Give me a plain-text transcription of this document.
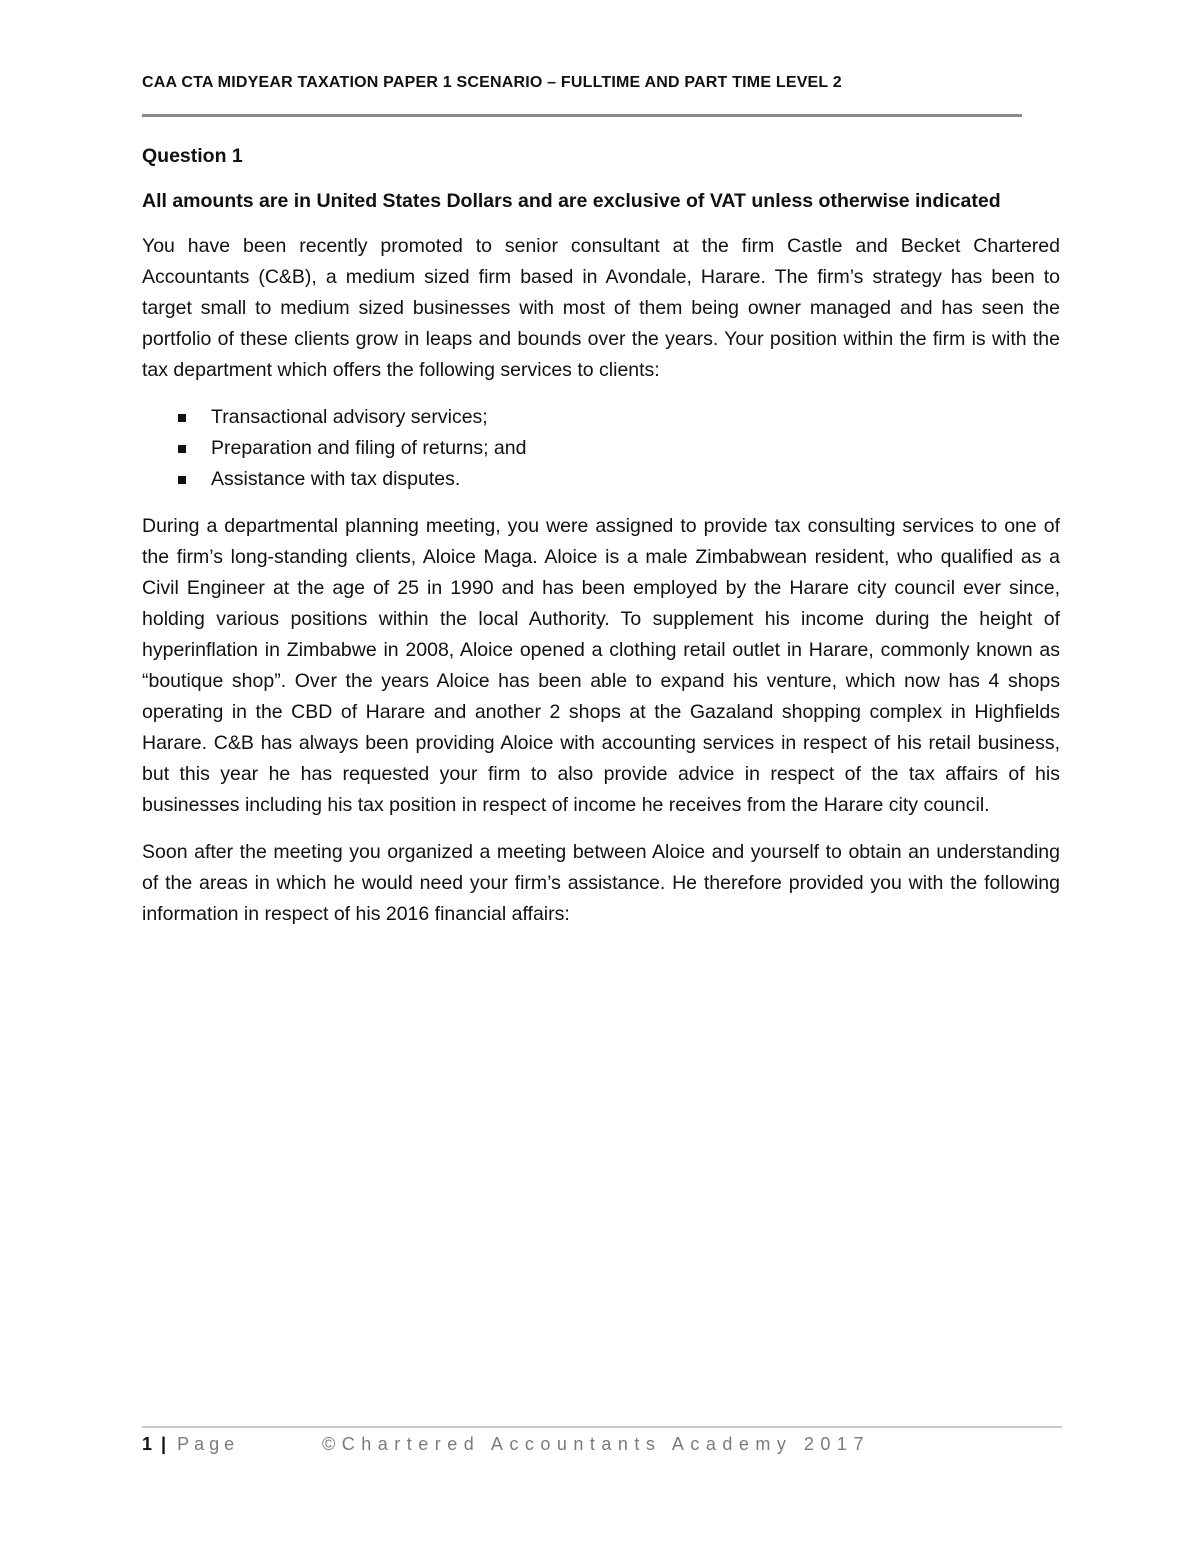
CAA CTA MIDYEAR TAXATION PAPER 1 SCENARIO – FULLTIME AND PART TIME LEVEL 2
Question 1

All amounts are in United States Dollars and are exclusive of VAT unless otherwise indicated

You have been recently promoted to senior consultant at the firm Castle and Becket Chartered Accountants (C&B), a medium sized firm based in Avondale, Harare. The firm’s strategy has been to target small to medium sized businesses with most of them being owner managed and has seen the portfolio of these clients grow in leaps and bounds over the years. Your position within the firm is with the tax department which offers the following services to clients:

Transactional advisory services;
Preparation and filing of returns; and
Assistance with tax disputes.

During a departmental planning meeting, you were assigned to provide tax consulting services to one of the firm’s long-standing clients, Aloice Maga. Aloice is a male Zimbabwean resident, who qualified as a Civil Engineer at the age of 25 in 1990 and has been employed by the Harare city council ever since, holding various positions within the local Authority. To supplement his income during the height of hyperinflation in Zimbabwe in 2008, Aloice opened a clothing retail outlet in Harare, commonly known as “boutique shop”. Over the years Aloice has been able to expand his venture, which now has 4 shops operating in the CBD of Harare and another 2 shops at the Gazaland shopping complex in Highfields Harare. C&B has always been providing Aloice with accounting services in respect of his retail business, but this year he has requested your firm to also provide advice in respect of the tax affairs of his businesses including his tax position in respect of income he receives from the Harare city council.

Soon after the meeting you organized a meeting between Aloice and yourself to obtain an understanding of the areas in which he would need your firm’s assistance. He therefore provided you with the following information in respect of his 2016 financial affairs:

1 | Page	©Chartered Accountants Academy 2017
